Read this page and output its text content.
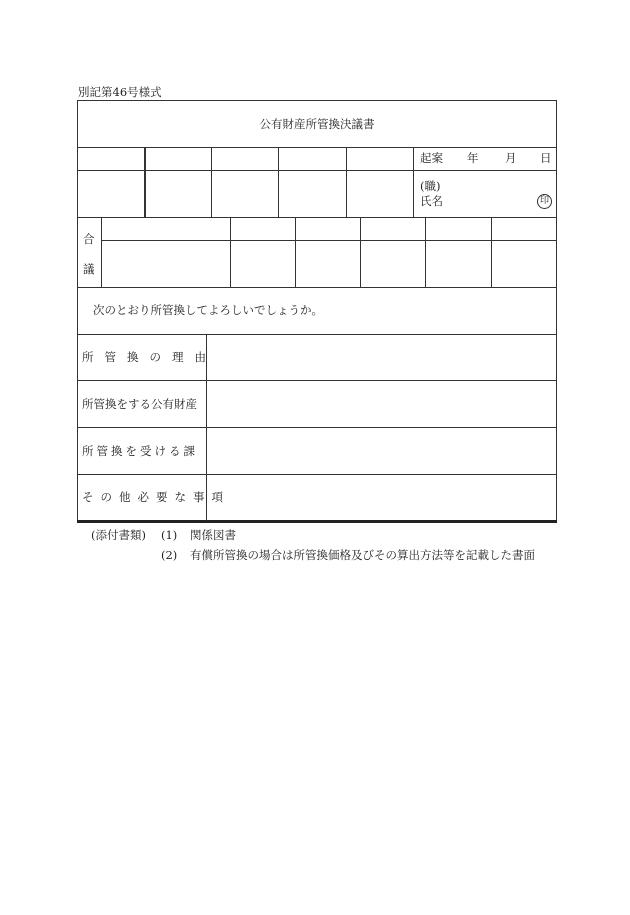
別記第46号様式
公有財産所管換決議書
起案 年 月 日
(職)
氏名	印
合
議
次のとおり所管換してよろしいでしょうか。
所管換の理由
所管換をする公有財産
所管換を受ける課
その他必要な事項
(添付書類) (1) 関係図書
(2) 有償所管換の場合は所管換価格及びその算出方法等を記載した書面
